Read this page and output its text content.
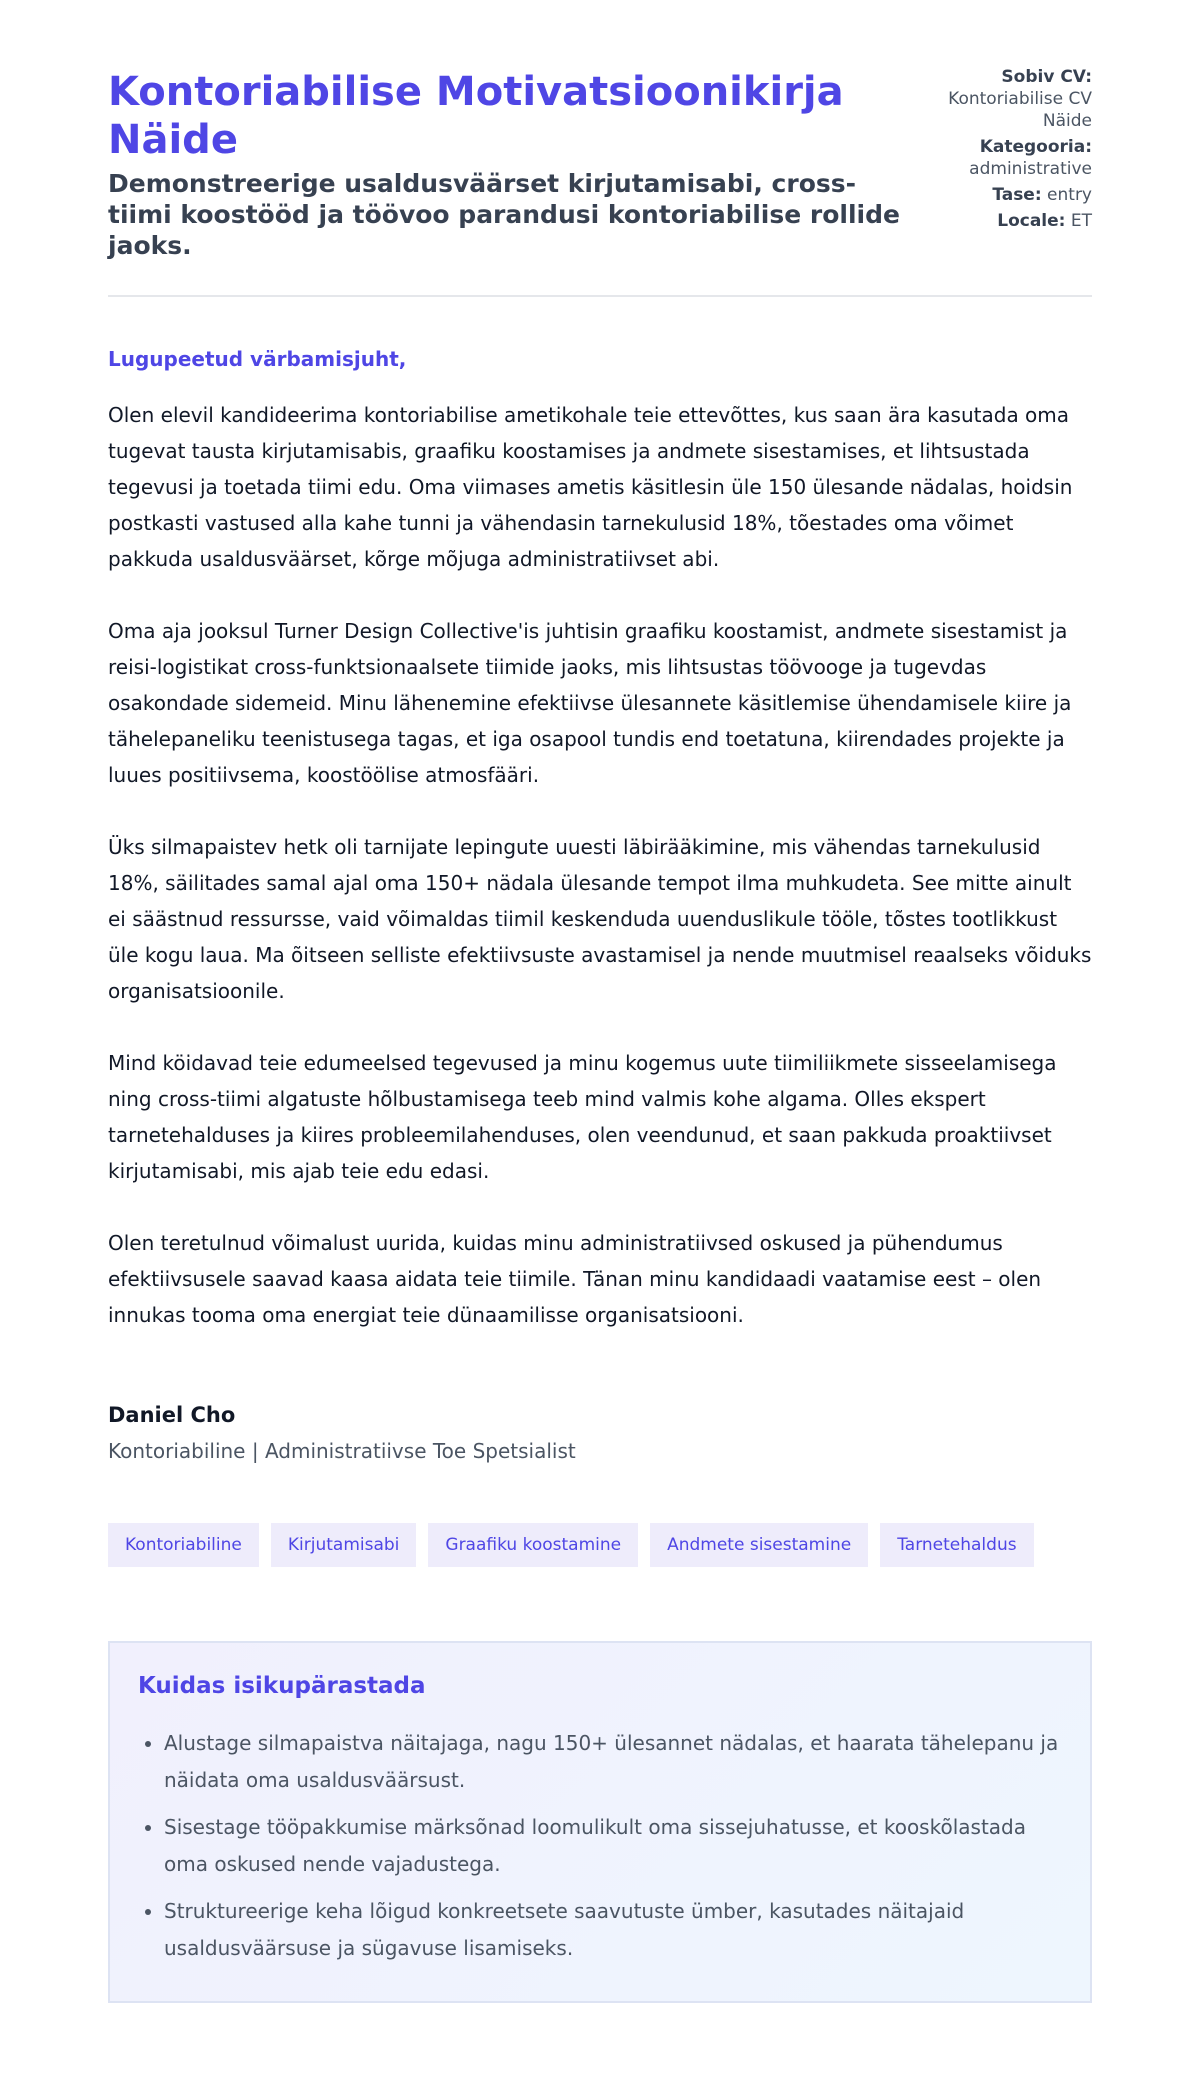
Kontoriabilise Motivatsioonikirja Näide
Demonstreerige usaldusväärset kirjutamisabi, cross-tiimi koostööd ja töövoo parandusi kontoriabilise rollide jaoks.
Sobiv CV:
Kontoriabilise CV Näide
Kategooria:
administrative
Tase: entry
Locale: ET
Lugupeetud värbamisjuht,

Olen elevil kandideerima kontoriabilise ametikohale teie ettevõttes, kus saan ära kasutada oma tugevat tausta kirjutamisabis, graafiku koostamises ja andmete sisestamises, et lihtsustada tegevusi ja toetada tiimi edu. Oma viimases ametis käsitlesin üle 150 ülesande nädalas, hoidsin postkasti vastused alla kahe tunni ja vähendasin tarnekulusid 18%, tõestades oma võimet pakkuda usaldusväärset, kõrge mõjuga administratiivset abi.

Oma aja jooksul Turner Design Collective'is juhtisin graafiku koostamist, andmete sisestamist ja reisi-logistikat cross-funktsionaalsete tiimide jaoks, mis lihtsustas töövooge ja tugevdas osakondade sidemeid. Minu lähenemine efektiivse ülesannete käsitlemise ühendamisele kiire ja tähelepaneliku teenistusega tagas, et iga osapool tundis end toetatuna, kiirendades projekte ja luues positiivsema, koostöölise atmosfääri.

Üks silmapaistev hetk oli tarnijate lepingute uuesti läbirääkimine, mis vähendas tarnekulusid 18%, säilitades samal ajal oma 150+ nädala ülesande tempot ilma muhkudeta. See mitte ainult ei säästnud ressursse, vaid võimaldas tiimil keskenduda uuenduslikule tööle, tõstes tootlikkust üle kogu laua. Ma õitseen selliste efektiivsuste avastamisel ja nende muutmisel reaalseks võiduks organisatsioonile.

Mind köidavad teie edumeelsed tegevused ja minu kogemus uute tiimiliikmete sisseelamisega ning cross-tiimi algatuste hõlbustamisega teeb mind valmis kohe algama. Olles ekspert tarnetehalduses ja kiires probleemilahenduses, olen veendunud, et saan pakkuda proaktiivset kirjutamisabi, mis ajab teie edu edasi.

Olen teretulnud võimalust uurida, kuidas minu administratiivsed oskused ja pühendumus efektiivsusele saavad kaasa aidata teie tiimile. Tänan minu kandidaadi vaatamise eest – olen innukas tooma oma energiat teie dünaamilisse organisatsiooni.

Daniel Cho
Kontoriabiline | Administratiivse Toe Spetsialist
Kontoriabiline	Kirjutamisabi	Graafiku koostamine	Andmete sisestamine	Tarnetehaldus
Kuidas isikupärastada
• Alustage silmapaistva näitajaga, nagu 150+ ülesannet nädalas, et haarata tähelepanu ja näidata oma usaldusväärsust.
• Sisestage tööpakkumise märksõnad loomulikult oma sissejuhatusse, et kooskõlastada oma oskused nende vajadustega.
• Struktureerige keha lõigud konkreetsete saavutuste ümber, kasutades näitajaid usaldusväärsuse ja sügavuse lisamiseks.
